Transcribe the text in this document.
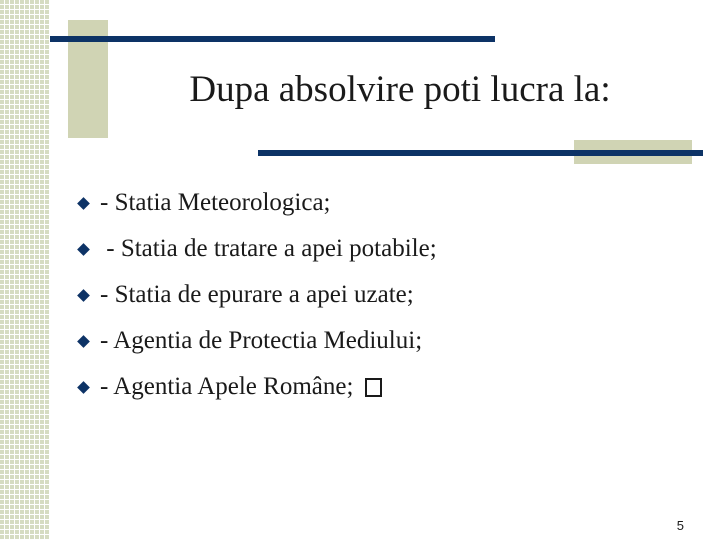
Dupa absolvire poti lucra la:
- Statia Meteorologica;
- Statia de tratare a apei potabile;
- Statia de epurare a apei uzate;
- Agentia de Protectia Mediului;
- Agentia Apele Române;
5
